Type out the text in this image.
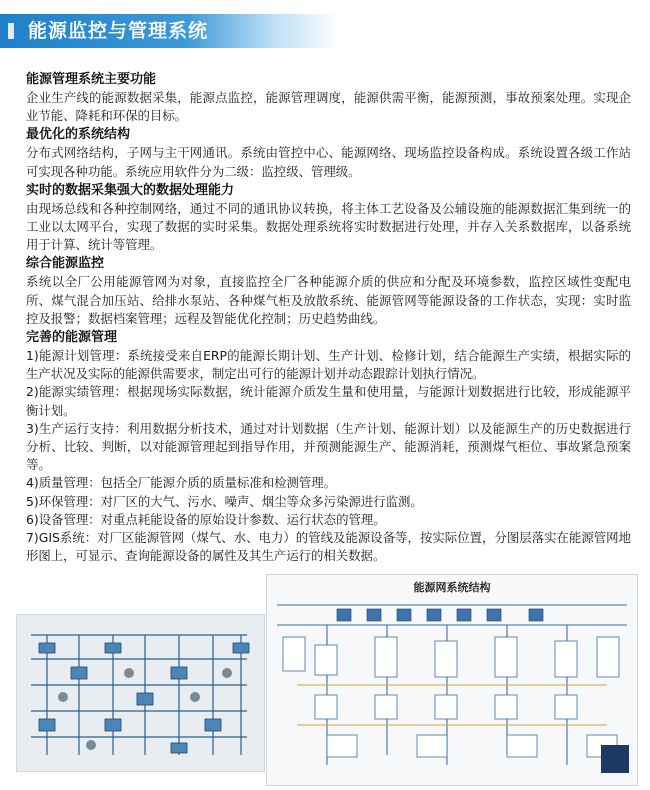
能源监控与管理系统

能源管理系统主要功能

企业生产线的能源数据采集，能源点监控，能源管理调度，能源供需平衡，能源预测，事故预案处理。实现企业节能、降耗和环保的目标。

最优化的系统结构

分布式网络结构，子网与主干网通讯。系统由管控中心、能源网络、现场监控设备构成。系统设置各级工作站可实现各种功能。系统应用软件分为二级：监控级、管理级。

实时的数据采集强大的数据处理能力

由现场总线和各种控制网络，通过不同的通讯协议转换，将主体工艺设备及公辅设施的能源数据汇集到统一的工业以太网平台，实现了数据的实时采集。数据处理系统将实时数据进行处理，并存入关系数据库，以备系统用于计算、统计等管理。

综合能源监控

系统以全厂公用能源管网为对象，直接监控全厂各种能源介质的供应和分配及环境参数，监控区域性变配电所、煤气混合加压站、给排水泵站、各种煤气柜及放散系统、能源管网等能源设备的工作状态，实现：实时监控及报警；数据档案管理；远程及智能优化控制；历史趋势曲线。

完善的能源管理

1)能源计划管理：系统接受来自ERP的能源长期计划、生产计划、检修计划，结合能源生产实绩，根据实际的生产状况及实际的能源供需要求，制定出可行的能源计划并动态跟踪计划执行情况。

2)能源实绩管理：根据现场实际数据，统计能源介质发生量和使用量，与能源计划数据进行比较，形成能源平衡计划。

3)生产运行支持：利用数据分析技术，通过对计划数据（生产计划、能源计划）以及能源生产的历史数据进行分析、比较、判断，以对能源管理起到指导作用，并预测能源生产、能源消耗，预测煤气柜位、事故紧急预案等。

4)质量管理：包括全厂能源介质的质量标准和检测管理。

5)环保管理：对厂区的大气、污水、噪声、烟尘等众多污染源进行监测。

6)设备管理：对重点耗能设备的原始设计参数、运行状态的管理。

7)GIS系统：对厂区能源管网（煤气、水、电力）的管线及能源设备等，按实际位置，分图层落实在能源管网地形图上，可显示、查询能源设备的属性及其生产运行的相关数据。

能源网系统结构
